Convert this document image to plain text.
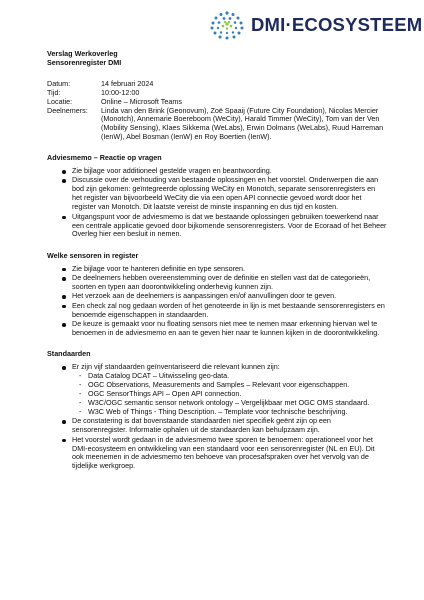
DMI·ECOSYSTEEM
Verslag Werkoverleg
Sensorenregister DMI
Datum:	14 februari 2024
Tijd:	10:00-12:00
Locatie:	Online – Microsoft Teams
Deelnemers:	Linda van den Brink (Geonovum), Zoë Spaaij (Future City Foundation), Nicolas Mercier (Monotch), Annemarie Boereboom (WeCity), Harald Timmer (WeCity), Tom van der Ven (Mobility Sensing), Klaes Sikkema (WeLabs), Erwin Dolmans (WeLabs), Ruud Harreman (IenW), Abel Bosman (IenW) en Roy Boertien (IenW).
Adviesmemo – Reactie op vragen
Zie bijlage voor additioneel gestelde vragen en beantwoording.
Discussie over de verhouding van bestaande oplossingen en het voorstel. Onderwerpen die aan bod zijn gekomen: geïntegreerde oplossing WeCity en Monotch, separate sensorenregisters en het register van bijvoorbeeld WeCity die via een open API connectie gevoed wordt door het register van Monotch. Dit laatste vereist de minste inspanning en dus tijd en kosten.
Uitgangspunt voor de adviesmemo is dat we bestaande oplossingen gebruiken toewerkend naar een centrale applicatie gevoed door bijkomende sensorenregisters. Voor de Ecoraad of het Beheer Overleg hier een besluit in nemen.
Welke sensoren in register
Zie bijlage voor te hanteren definitie en type sensoren.
De deelnemers hebben overeenstemming over de definitie en stellen vast dat de categorieën, soorten en typen aan doorontwikkeling onderhevig kunnen zijn.
Het verzoek aan de deelnemers is aanpassingen en/of aanvullingen door te geven.
Een check zal nog gedaan worden of het genoteerde in lijn is met bestaande sensorenregisters en benoemde eigenschappen in standaarden.
De keuze is gemaakt voor nu floating sensors niet mee te nemen maar erkenning hiervan wel te benoemen in de adviesmemo en aan te geven hier naar te kunnen kijken in de doorontwikkeling.
Standaarden
Er zijn vijf standaarden geïnventariseerd die relevant kunnen zijn:
- Data Catalog DCAT – Uitwisseling geo-data.
- OGC Observations, Measurements and Samples – Relevant voor eigenschappen.
- OGC SensorThings API – Open API connection.
- W3C/OGC semantic sensor network ontology – Vergelijkbaar met OGC OMS standaard.
- W3C Web of Things - Thing Description. – Template voor technische beschrijving.
De constatering is dat bovenstaande standaarden niet specifiek geënt zijn op een sensorenregister. Informatie ophalen uit de standaarden kan behulpzaam zijn.
Het voorstel wordt gedaan in de adviesmemo twee sporen te benoemen: operationeel voor het DMI-ecosysteem en ontwikkeling van een standaard voor een sensorenregister (NL en EU). Dit ook meenemen in de adviesmemo ten behoeve van procesafspraken over het vervolg van de tijdelijke werkgroep.
